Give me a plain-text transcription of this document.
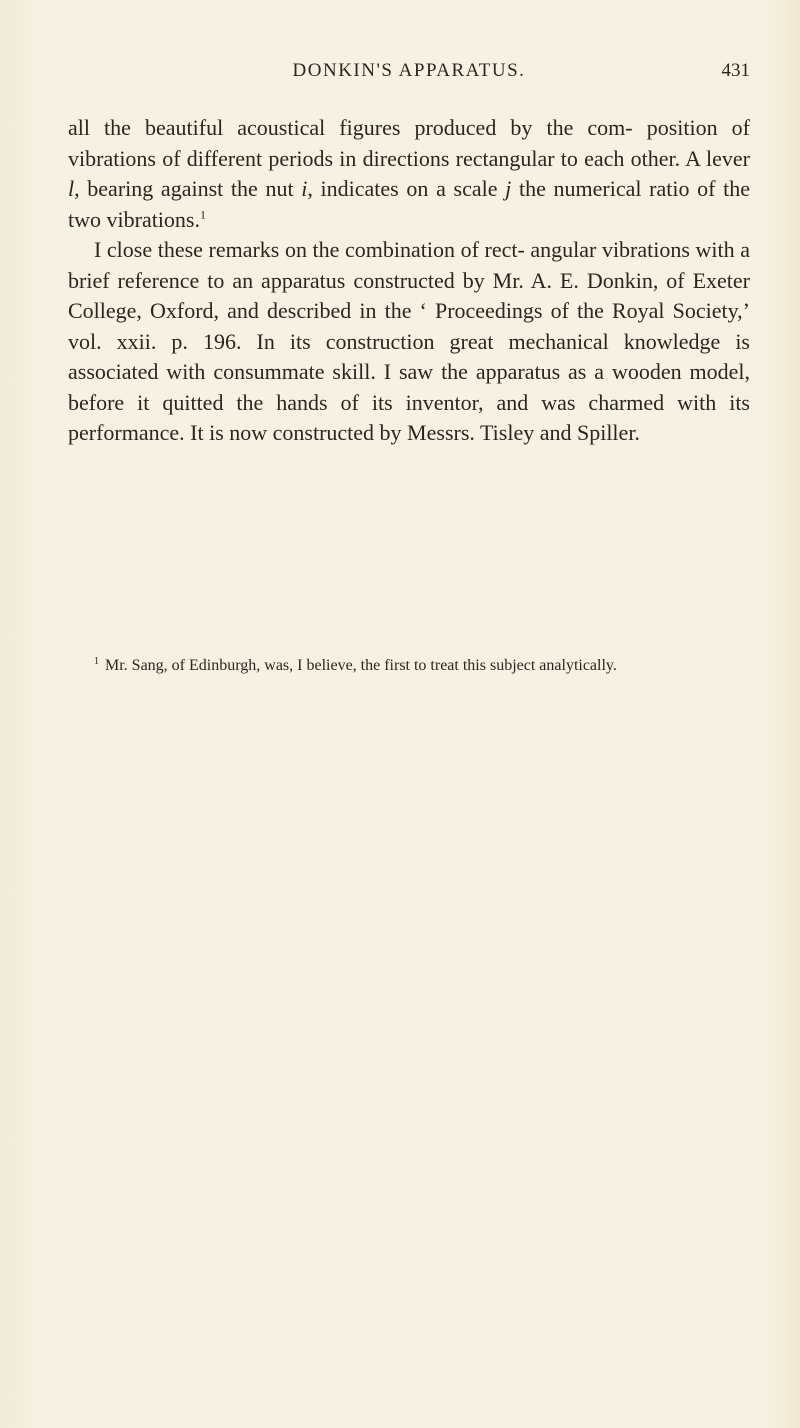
DONKIN'S APPARATUS.	431

all the beautiful acoustical figures produced by the com- position of vibrations of different periods in directions rectangular to each other. A lever l, bearing against the nut i, indicates on a scale j the numerical ratio of the two vibrations.$^1$

I close these remarks on the combination of rect- angular vibrations with a brief reference to an apparatus constructed by Mr. A. E. Donkin, of Exeter College, Oxford, and described in the ‘ Proceedings of the Royal Society,’ vol. xxii. p. 196. In its construction great mechanical knowledge is associated with consummate skill. I saw the apparatus as a wooden model, before it quitted the hands of its inventor, and was charmed with its performance. It is now constructed by Messrs. Tisley and Spiller.

$^1$ Mr. Sang, of Edinburgh, was, I believe, the first to treat this subject analytically.
